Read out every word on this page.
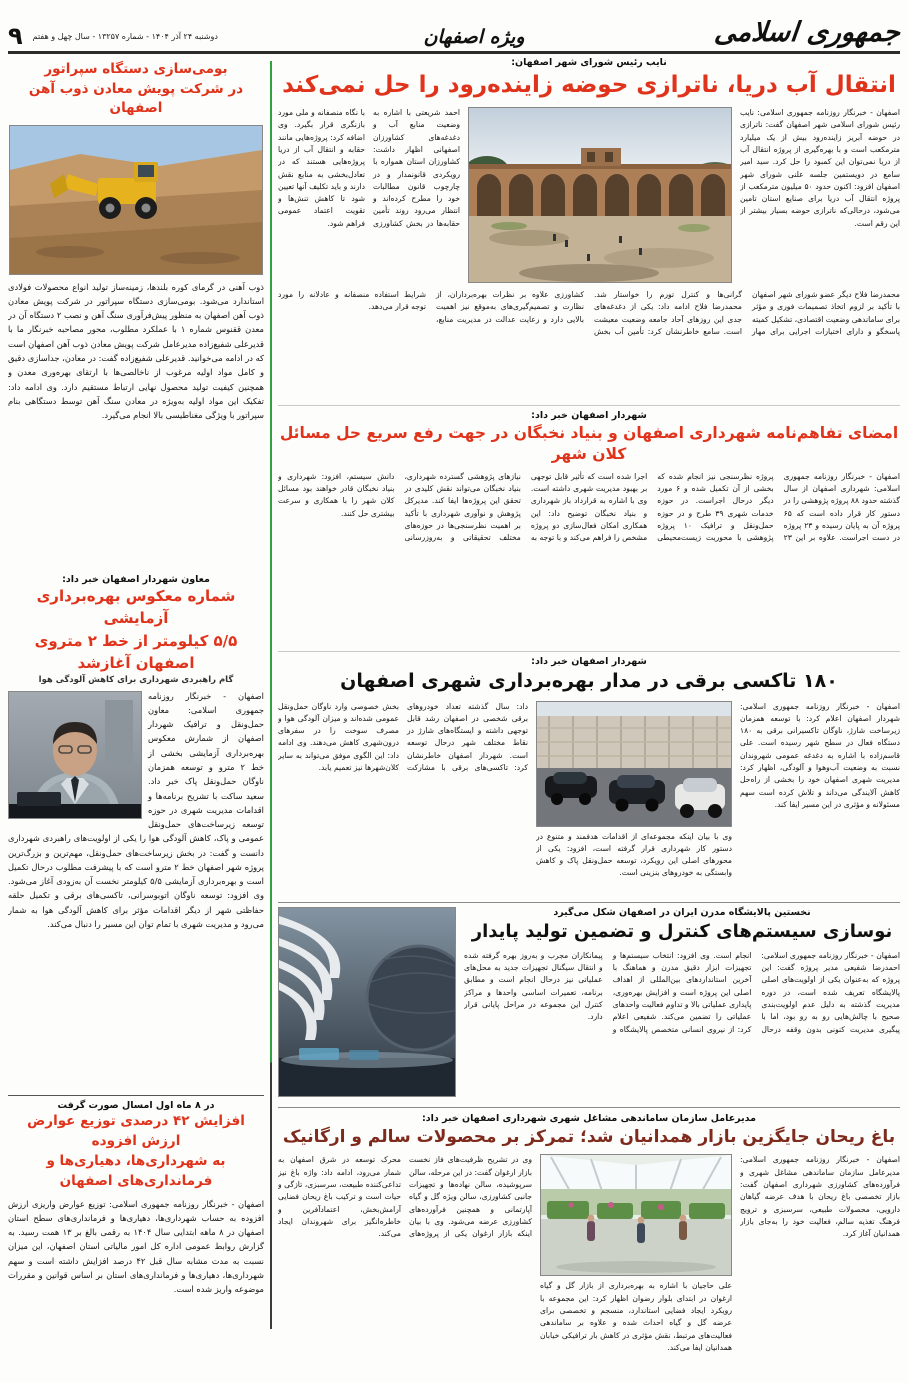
جمهوری اسلامی
ویژه اصفهان
دوشنبه ۲۴ آذر ۱۴۰۴ - شماره ۱۳۲۵۷ - سال چهل و هفتم
۹
نایب رئیس شورای شهر اصفهان:
انتقال آب دریا، ناترازی حوضه زاینده‌رود را حل نمی‌کند
اصفهان - خبرنگار روزنامه جمهوری اسلامی: نایب رئیس شورای اسلامی شهر اصفهان گفت: ناترازی در حوضه آبریز زاینده‌رود بیش از یک میلیارد مترمکعب است و با بهره‌گیری از پروژه انتقال آب از دریا نمی‌توان این کمبود را حل کرد. سید امیر سامع در دویستمین جلسه علنی شورای شهر اصفهان افزود: اکنون حدود ۵۰ میلیون مترمکعب از پروژه انتقال آب دریا برای صنایع استان تامین می‌شود، درحالی‌که ناترازی حوضه بسیار بیشتر از این رقم است.
احمد شریعتی با اشاره به وضعیت منابع آب و دغدغه‌های کشاورزان اصفهانی اظهار داشت: کشاورزان استان همواره با رویکردی قانونمدار و در چارچوب قانون مطالبات خود را مطرح کرده‌اند و انتظار می‌رود روند تأمین حقابه‌ها در بخش کشاورزی با نگاه منصفانه و ملی مورد بازنگری قرار بگیرد. وی اضافه کرد: پروژه‌هایی مانند حقابه و انتقال آب از دریا پروژه‌هایی هستند که در تعادل‌بخشی به منابع نقش دارند و باید تکلیف آنها تعیین شود تا کاهش تنش‌ها و تقویت اعتماد عمومی فراهم شود.
محمدرضا فلاح دیگر عضو شورای شهر اصفهان با تأکید بر لزوم اتخاذ تصمیمات فوری و مؤثر برای ساماندهی وضعیت اقتصادی، تشکیل کمیته پاسخگو و دارای اختیارات اجرایی برای مهار گرانی‌ها و کنترل تورم را خواستار شد. محمدرضا فلاح ادامه داد: یکی از دغدغه‌های جدی این روزهای آحاد جامعه وضعیت معیشت است. سامع خاطرنشان کرد: تأمین آب بخش کشاورزی علاوه بر نظرات بهره‌برداران، از نظارت و تصمیم‌گیری‌های به‌موقع نیز اهمیت بالایی دارد و رعایت عدالت در مدیریت منابع، شرایط استفاده منصفانه و عادلانه را مورد توجه قرار می‌دهد.
شهردار اصفهان خبر داد:
امضای تفاهم‌نامه شهرداری اصفهان و بنیاد نخبگان در جهت رفع سریع حل مسائل کلان شهر
اصفهان - خبرنگار روزنامه جمهوری اسلامی: شهرداری اصفهان از سال گذشته حدود ۸۸ پروژه پژوهشی را در دستور کار قرار داده است که ۶۵ پروژه آن به پایان رسیده و ۲۳ پروژه در دست اجراست. علاوه بر این ۲۳ پروژه نظرسنجی نیز انجام شده که بخشی از آن تکمیل شده و ۶ مورد دیگر درحال اجراست. در حوزه خدمات شهری ۳۹ طرح و در حوزه حمل‌ونقل و ترافیک ۱۰ پروژه پژوهشی با محوریت زیست‌محیطی اجرا شده است که تأثیر قابل توجهی بر بهبود مدیریت شهری داشته است. وی با اشاره به قرارداد باز شهرداری و بنیاد نخبگان توضیح داد: این همکاری امکان فعال‌سازی دو پروژه مشخص را فراهم می‌کند و با توجه به نیازهای پژوهشی گسترده شهرداری، بنیاد نخبگان می‌تواند نقش کلیدی در تحقق این پروژه‌ها ایفا کند. مدیرکل پژوهش و نوآوری شهرداری با تأکید بر اهمیت نظرسنجی‌ها در حوزه‌های مختلف تحقیقاتی و به‌روزرسانی دانش سیستم، افزود: شهرداری و بنیاد نخبگان قادر خواهند بود مسائل کلان شهر را با همکاری و سرعت بیشتری حل کنند.
شهردار اصفهان خبر داد:
۱۸۰ تاکسی برقی در مدار بهره‌برداری شهری اصفهان
اصفهان - خبرنگار روزنامه جمهوری اسلامی: شهردار اصفهان اعلام کرد: با توسعه همزمان زیرساخت شارژ، ناوگان تاکسیرانی برقی به ۱۸۰ دستگاه فعال در سطح شهر رسیده است. علی قاسم‌زاده با اشاره به دغدغه عمومی شهروندان نسبت به وضعیت آب‌وهوا و آلودگی، اظهار کرد: مدیریت شهری اصفهان خود را بخشی از راه‌حل کاهش آلایندگی می‌داند و تلاش کرده است سهم مسئولانه و مؤثری در این مسیر ایفا کند.
وی با بیان اینکه مجموعه‌ای از اقدامات هدفمند و متنوع در دستور کار شهرداری قرار گرفته است، افزود: یکی از محورهای اصلی این رویکرد، توسعه حمل‌ونقل پاک و کاهش وابستگی به خودروهای بنزینی است.
داد: سال گذشته تعداد خودروهای برقی شخصی در اصفهان رشد قابل توجهی داشته و ایستگاه‌های شارژ در نقاط مختلف شهر درحال توسعه است. شهردار اصفهان خاطرنشان کرد: تاکسی‌های برقی با مشارکت بخش خصوصی وارد ناوگان حمل‌ونقل عمومی شده‌اند و میزان آلودگی هوا و مصرف سوخت را در سفرهای درون‌شهری کاهش می‌دهند. وی ادامه داد: این الگوی موفق می‌تواند به سایر کلان‌شهرها نیز تعمیم یابد.
نخستین پالایشگاه مدرن ایران در اصفهان شکل می‌گیرد
نوسازی سیستم‌های کنترل و تضمین تولید پایدار
اصفهان - خبرنگار روزنامه جمهوری اسلامی: احمدرضا شفیعی مدیر پروژه گفت: این پروژه که به‌عنوان یکی از اولویت‌های اصلی پالایشگاه تعریف شده است، در دوره مدیریت گذشته به دلیل عدم اولویت‌بندی صحیح با چالش‌هایی رو به رو بود، اما با پیگیری مدیریت کنونی بدون وقفه درحال انجام است. وی افزود: انتخاب سیستم‌ها و تجهیزات ابزار دقیق مدرن و هماهنگ با آخرین استانداردهای بین‌المللی از اهداف اصلی این پروژه است و افزایش بهره‌وری، پایداری عملیاتی بالا و تداوم فعالیت واحدهای عملیاتی را تضمین می‌کند. شفیعی اعلام کرد: از نیروی انسانی متخصص پالایشگاه و پیمانکاران مجرب و به‌روز بهره گرفته شده و انتقال سیگنال تجهیزات جدید به محل‌های عملیاتی نیز درحال انجام است و مطابق برنامه، تعمیرات اساسی واحدها و مراکز کنترل این مجموعه در مراحل پایانی قرار دارد.
مدیرعامل سازمان ساماندهی مشاغل شهری شهرداری اصفهان خبر داد:
باغ ریحان جایگزین بازار همدانیان شد؛ تمرکز بر محصولات سالم و ارگانیک
اصفهان - خبرنگار روزنامه جمهوری اسلامی: مدیرعامل سازمان ساماندهی مشاغل شهری و فرآورده‌های کشاورزی شهرداری اصفهان گفت: بازار تخصصی باغ ریحان با هدف عرضه گیاهان دارویی، محصولات طبیعی، سرسبزی و ترویج فرهنگ تغذیه سالم، فعالیت خود را به‌جای بازار همدانیان آغاز کرد.
علی حاجیان با اشاره به بهره‌برداری از بازار گل و گیاه ارغوان در ابتدای بلوار رضوان اظهار کرد: این مجموعه با رویکرد ایجاد فضایی استاندارد، منسجم و تخصصی برای عرضه گل و گیاه احداث شده و علاوه بر ساماندهی فعالیت‌های مرتبط، نقش مؤثری در کاهش بار ترافیکی خیابان همدانیان ایفا می‌کند.
وی در تشریح ظرفیت‌های فاز نخست بازار ارغوان گفت: در این مرحله، سالن سرپوشیده، سالن نهاده‌ها و تجهیزات جانبی کشاورزی، سالن ویژه گل و گیاه آپارتمانی و همچنین فرآورده‌های کشاورزی عرضه می‌شود. وی با بیان اینکه بازار ارغوان یکی از پروژه‌های محرک توسعه در شرق اصفهان به شمار می‌رود، ادامه داد: واژه باغ نیز تداعی‌کننده طبیعت، سرسبزی، تازگی و حیات است و ترکیب باغ ریحان فضایی آرامش‌بخش، اعتمادآفرین و خاطره‌انگیز برای شهروندان ایجاد می‌کند.
بومی‌سازی دستگاه سپراتور
در شرکت پویش معادن ذوب آهن اصفهان
ذوب آهنی در گرمای کوره بلندها، زمینه‌ساز تولید انواع محصولات فولادی استاندارد می‌شود. بومی‌سازی دستگاه سپراتور در شرکت پویش معادن ذوب آهن اصفهان به منظور پیش‌فرآوری سنگ آهن و نصب ۲ دستگاه آن در معدن ققنوس شماره ۱ با عملکرد مطلوب، محور مصاحبه خبرنگار ما با قدیرعلی شفیع‌زاده مدیرعامل شرکت پویش معادن ذوب آهن اصفهان است که در ادامه می‌خوانید. قدیرعلی شفیع‌زاده گفت: در معادن، جداسازی دقیق و کامل مواد اولیه مرغوب از ناخالصی‌ها با ارتقای بهره‌وری معدن و همچنین کیفیت تولید محصول نهایی ارتباط مستقیم دارد. وی ادامه داد: تفکیک این مواد اولیه به‌ویژه در معادن سنگ آهن توسط دستگاهی بنام سپراتور با ویژگی مغناطیسی بالا انجام می‌گیرد.
معاون شهردار اصفهان خبر داد:
شماره معکوس بهره‌برداری آزمایشی
۵/۵ کیلومتر از خط ۲ متروی اصفهان آغازشد
گام راهبردی شهرداری برای کاهش آلودگی هوا
اصفهان - خبرنگار روزنامه جمهوری اسلامی: معاون حمل‌ونقل و ترافیک شهردار اصفهان از شمارش معکوس بهره‌برداری آزمایشی بخشی از خط ۲ مترو و توسعه همزمان ناوگان حمل‌ونقل پاک خبر داد. سعید ساکت با تشریح برنامه‌ها و اقدامات مدیریت شهری در حوزه توسعه زیرساخت‌های حمل‌ونقل عمومی و پاک، کاهش آلودگی هوا را یکی از اولویت‌های راهبردی شهرداری دانست و گفت: در بخش زیرساخت‌های حمل‌ونقل، مهم‌ترین و بزرگ‌ترین پروژه شهر اصفهان خط ۲ مترو است که با پیشرفت مطلوب درحال تکمیل است و بهره‌برداری آزمایشی ۵/۵ کیلومتر نخست آن به‌زودی آغاز می‌شود. وی افزود: توسعه ناوگان اتوبوسرانی، تاکسی‌های برقی و تکمیل حلقه حفاظتی شهر از دیگر اقدامات مؤثر برای کاهش آلودگی هوا به شمار می‌رود و مدیریت شهری با تمام توان این مسیر را دنبال می‌کند.
در ۸ ماه اول امسال صورت گرفت
افزایش ۴۲ درصدی توزیع عوارض ارزش افزوده
به شهرداری‌ها، دهیاری‌ها و فرمانداری‌های اصفهان
اصفهان - خبرنگار روزنامه جمهوری اسلامی: توزیع عوارض واریزی ارزش افزوده به حساب شهرداری‌ها، دهیاری‌ها و فرمانداری‌های سطح استان اصفهان در ۸ ماهه ابتدایی سال ۱۴۰۴ به رقمی بالغ بر ۱۳ همت رسید. به گزارش روابط عمومی اداره کل امور مالیاتی استان اصفهان، این میزان نسبت به مدت مشابه سال قبل ۴۲ درصد افزایش داشته است و سهم شهرداری‌ها، دهیاری‌ها و فرمانداری‌های استان بر اساس قوانین و مقررات موضوعه واریز شده است.
